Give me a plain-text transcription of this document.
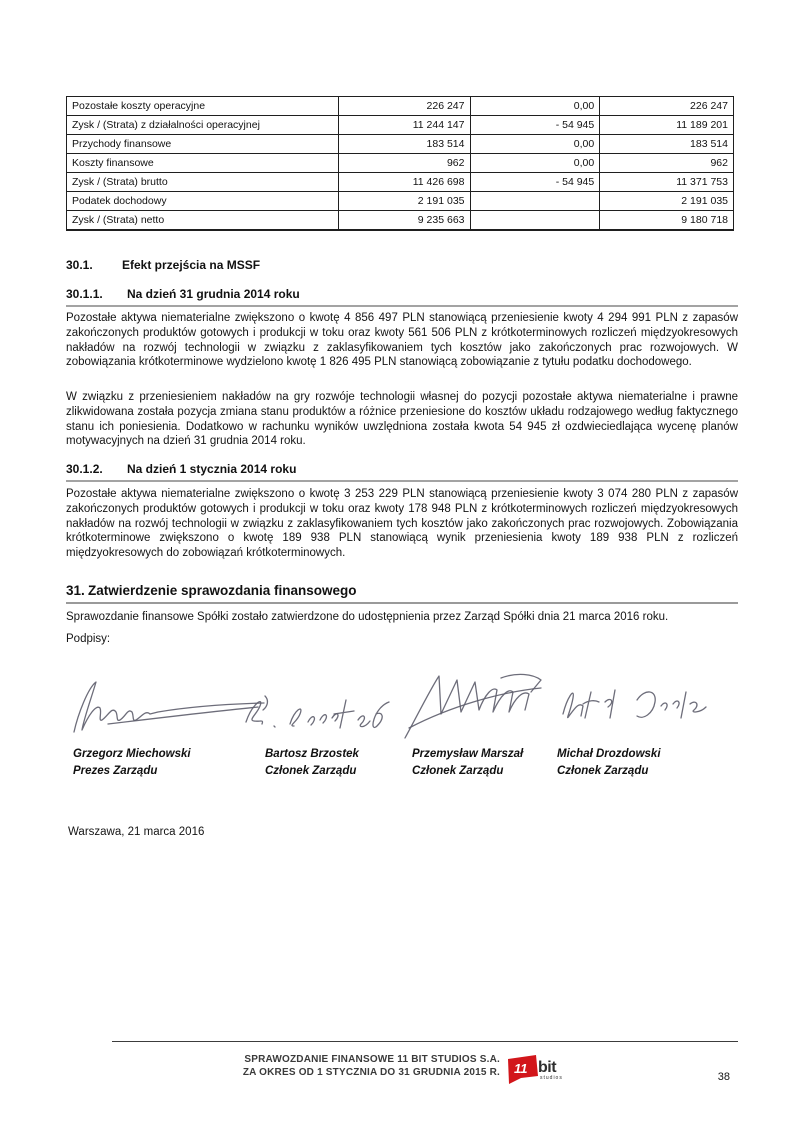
Pozostałe koszty operacyjne	226 247	0,00	226 247
Zysk / (Strata) z działalności operacyjnej	11 244 147	- 54 945	11 189 201
Przychody finansowe	183 514	0,00	183 514
Koszty finansowe	962	0,00	962
Zysk / (Strata) brutto	11 426 698	- 54 945	11 371 753
Podatek dochodowy	2 191 035		2 191 035
Zysk / (Strata) netto	9 235 663		9 180 718
30.1. Efekt przejścia na MSSF
30.1.1. Na dzień 31 grudnia 2014 roku

Pozostałe aktywa niematerialne zwiększono o kwotę 4 856 497 PLN stanowiącą przeniesienie kwoty 4 294 991 PLN z zapasów zakończonych produktów gotowych i produkcji w toku oraz kwoty 561 506 PLN z krótkoterminowych rozliczeń międzyokresowych nakładów na rozwój technologii w związku z zaklasyfikowaniem tych kosztów jako zakończonych prac rozwojowych. W zobowiązania krótkoterminowe wydzielono kwotę 1 826 495 PLN stanowiącą zobowiązanie z tytułu podatku dochodowego.

W związku z przeniesieniem nakładów na gry rozwóje technologii własnej do pozycji pozostałe aktywa niematerialne i prawne zlikwidowana została pozycja zmiana stanu produktów a różnice przeniesione do kosztów układu rodzajowego według faktycznego stanu ich poniesienia. Dodatkowo w rachunku wyników uwzlędniona została kwota 54 945 zł ozdwieciedlająca wycenę planów motywacyjnych na dzień 31 grudnia 2014 roku.

30.1.2. Na dzień 1 stycznia 2014 roku

Pozostałe aktywa niematerialne zwiększono o kwotę 3 253 229 PLN stanowiącą przeniesienie kwoty 3 074 280 PLN z zapasów zakończonych produktów gotowych i produkcji w toku oraz kwoty 178 948 PLN z krótkoterminowych rozliczeń międzyokresowych nakładów na rozwój technologii w związku z zaklasyfikowaniem tych kosztów jako zakończonych prac rozwojowych. Zobowiązania krótkoterminowe zwiększono o kwotę 189 938 PLN stanowiącą wynik przeniesienia kwoty 189 938 PLN z rozliczeń międzyokresowych do zobowiązań krótkoterminowych.

31. Zatwierdzenie sprawozdania finansowego

Sprawozdanie finansowe Spółki zostało zatwierdzone do udostępnienia przez Zarząd Spółki dnia 21 marca 2016 roku.

Podpisy:

Grzegorz Miechowski
Prezes Zarządu
Bartosz Brzostek
Członek Zarządu
Przemysław Marszał
Członek Zarządu
Michał Drozdowski
Członek Zarządu
Warszawa, 21 marca 2016
SPRAWOZDANIE FINANSOWE 11 BIT STUDIOS S.A.
ZA OKRES OD 1 STYCZNIA DO 31 GRUDNIA 2015 R. 11 bit
studios	38
